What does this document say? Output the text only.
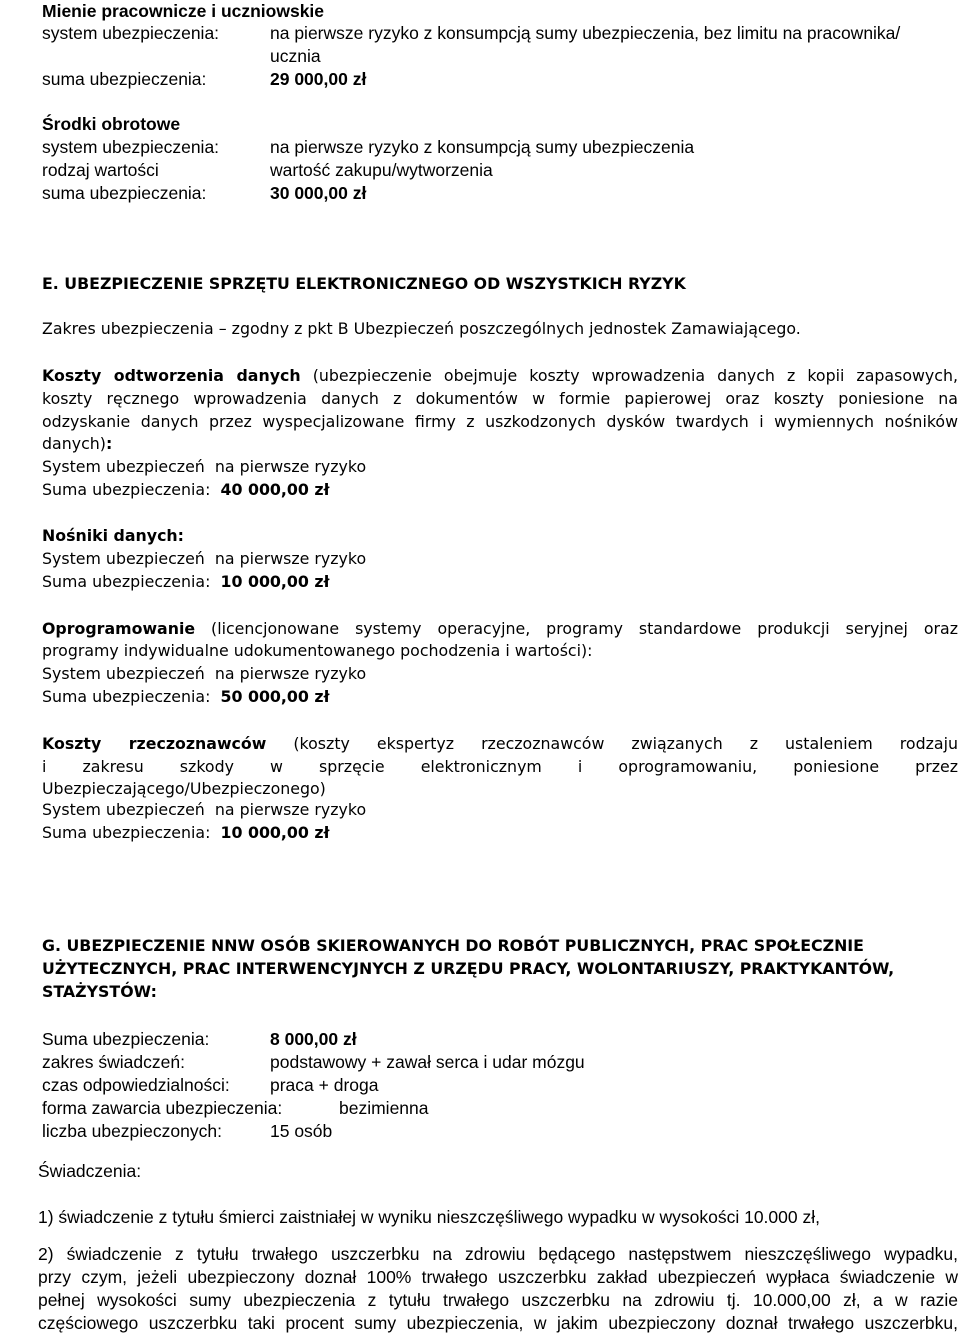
Mienie pracownicze i uczniowskie
system ubezpieczenia:	na pierwsze ryzyko z konsumpcją sumy ubezpieczenia, bez limitu na pracownika/
ucznia
suma ubezpieczenia:	29 000,00 zł
Środki obrotowe
system ubezpieczenia:	na pierwsze ryzyko z konsumpcją sumy ubezpieczenia
rodzaj wartości	wartość zakupu/wytworzenia
suma ubezpieczenia:	30 000,00 zł
E. UBEZPIECZENIE SPRZĘTU ELEKTRONICZNEGO OD WSZYSTKICH RYZYK
Zakres ubezpieczenia – zgodny z pkt B Ubezpieczeń poszczególnych jednostek Zamawiającego.
Koszty odtworzenia danych (ubezpieczenie obejmuje koszty wprowadzenia danych z kopii zapasowych,
koszty ręcznego wprowadzenia danych z dokumentów w formie papierowej oraz koszty poniesione na
odzyskanie danych przez wyspecjalizowane firmy z uszkodzonych dysków twardych i wymiennych nośników
danych):
System ubezpieczeń na pierwsze ryzyko
Suma ubezpieczenia: 40 000,00 zł
Nośniki danych:
System ubezpieczeń na pierwsze ryzyko
Suma ubezpieczenia: 10 000,00 zł
Oprogramowanie (licencjonowane systemy operacyjne, programy standardowe produkcji seryjnej oraz
programy indywidualne udokumentowanego pochodzenia i wartości):
System ubezpieczeń na pierwsze ryzyko
Suma ubezpieczenia: 50 000,00 zł
Koszty rzeczoznawców (koszty ekspertyz rzeczoznawców związanych z ustaleniem rodzaju
i zakresu szkody w sprzęcie elektronicznym i oprogramowaniu, poniesione przez
Ubezpieczającego/Ubezpieczonego)
System ubezpieczeń na pierwsze ryzyko
Suma ubezpieczenia: 10 000,00 zł
G. UBEZPIECZENIE NNW OSÓB SKIEROWANYCH DO ROBÓT PUBLICZNYCH, PRAC SPOŁECZNIE
UŻYTECZNYCH, PRAC INTERWENCYJNYCH Z URZĘDU PRACY, WOLONTARIUSZY, PRAKTYKANTÓW,
STAŻYSTÓW:
Suma ubezpieczenia:	8 000,00 zł
zakres świadczeń:	podstawowy + zawał serca i udar mózgu
czas odpowiedzialności: praca + droga
forma zawarcia ubezpieczenia:	bezimienna
liczba ubezpieczonych:	15 osób
Świadczenia:
1) świadczenie z tytułu śmierci zaistniałej w wyniku nieszczęśliwego wypadku w wysokości 10.000 zł,
2) świadczenie z tytułu trwałego uszczerbku na zdrowiu będącego następstwem nieszczęśliwego wypadku,
przy czym, jeżeli ubezpieczony doznał 100% trwałego uszczerbku zakład ubezpieczeń wypłaca świadczenie w
pełnej wysokości sumy ubezpieczenia z tytułu trwałego uszczerbku na zdrowiu tj. 10.000,00 zł, a w razie
częściowego uszczerbku taki procent sumy ubezpieczenia, w jakim ubezpieczony doznał trwałego uszczerbku,
